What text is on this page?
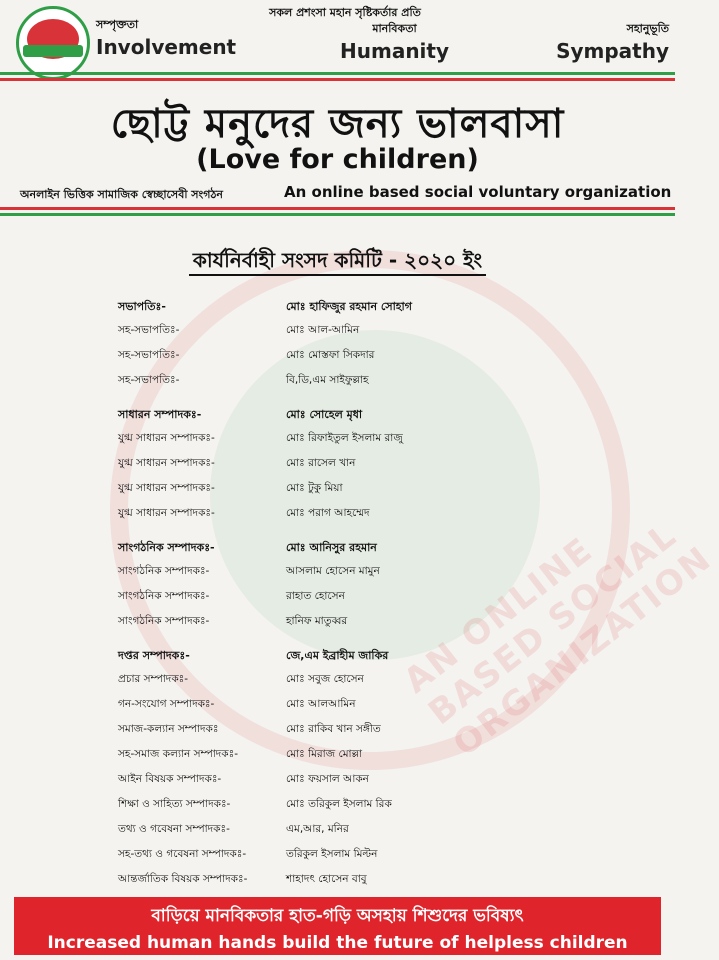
সকল প্রশংসা মহান সৃষ্টিকর্তার প্রতি
সম্পৃক্ততা
Involvement
মানবিকতা
Humanity
সহানুভূতি
Sympathy
ছোট্ট মনুদের জন্য ভালবাসা
(Love for children)
অনলাইন ভিত্তিক সামাজিক স্বেচ্ছাসেবী সংগঠন	An online based social voluntary organization
AN ONLINE BASED SOCIAL ORGANIZATION
কার্যনির্বাহী সংসদ কমিটি - ২০২০ ইং
সভাপতিঃ-	মোঃ হাফিজুর রহমান সোহাগ
সহ-সভাপতিঃ-	মোঃ আল-আমিন
সহ-সভাপতিঃ-	মোঃ মোস্তফা সিকদার
সহ-সভাপতিঃ-	বি,ডি,এম সাইফুল্লাহ
সাধারন সম্পাদকঃ-	মোঃ সোহেল মৃধা
যুগ্ম সাধারন সম্পাদকঃ-	মোঃ রিফাইতুল ইসলাম রাজু
যুগ্ম সাধারন সম্পাদকঃ-	মোঃ রাসেল খান
যুগ্ম সাধারন সম্পাদকঃ-	মোঃ টুকু মিয়া
যুগ্ম সাধারন সম্পাদকঃ-	মোঃ পরাগ আহম্মেদ
সাংগঠনিক সম্পাদকঃ-	মোঃ আনিসুর রহমান
সাংগঠনিক সম্পাদকঃ-	আসলাম হোসেন মামুন
সাংগঠনিক সম্পাদকঃ-	রাহাত হোসেন
সাংগঠনিক সম্পাদকঃ-	হানিফ মাতুব্বর
দপ্তর সম্পাদকঃ-	জে,এম ইব্রাহীম জাকির
প্রচার সম্পাদকঃ-	মোঃ সবুজ হোসেন
গন-সংযোগ সম্পাদকঃ-	মোঃ আলআমিন
সমাজ-কল্যান সম্পাদকঃ	মোঃ রাকিব খান সঙ্গীত
সহ-সমাজ কল্যান সম্পাদকঃ-	মোঃ মিরাজ মোল্লা
আইন বিষয়ক সম্পাদকঃ-	মোঃ ফয়সাল আকন
শিক্ষা ও সাহিত্য সম্পাদকঃ-	মোঃ তরিকুল ইসলাম রিক
তথ্য ও গবেষনা সম্পাদকঃ-	এম,আর, মনির
সহ-তথ্য ও গবেষনা সম্পাদকঃ-	তরিকুল ইসলাম মিল্টন
আন্তর্জাতিক বিষয়ক সম্পাদকঃ-	শাহাদৎ হোসেন বাবু
বাড়িয়ে মানবিকতার হাত-গড়ি অসহায় শিশুদের ভবিষ্যৎ
Increased human hands build the future of helpless children
